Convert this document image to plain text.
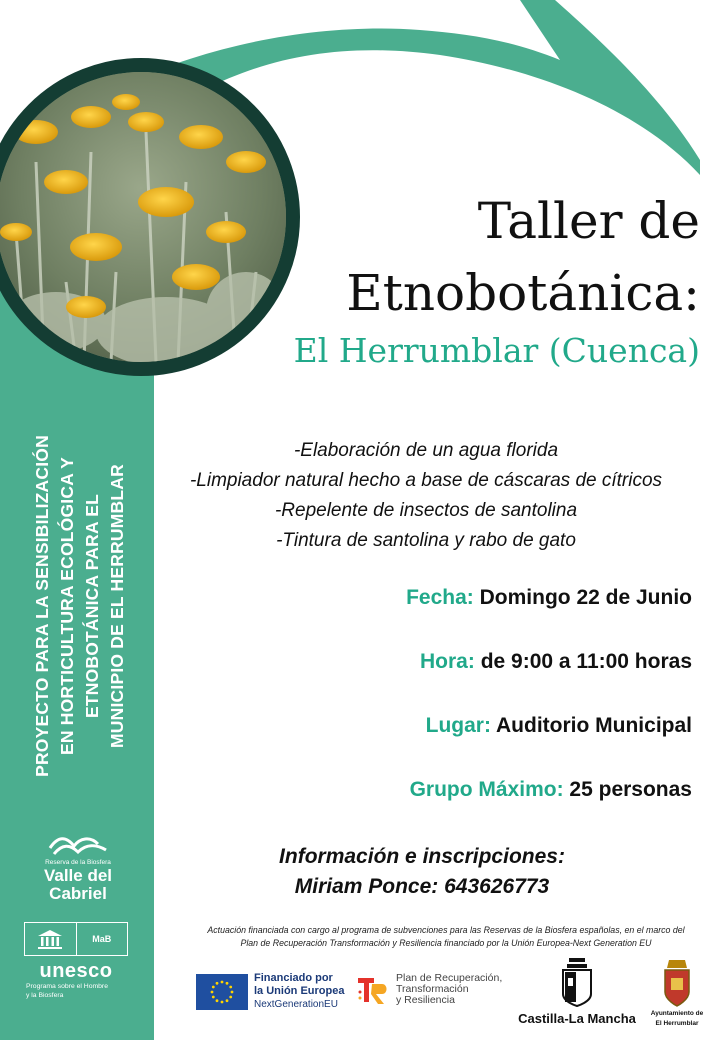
Taller de
Etnobotánica:
El Herrumblar (Cuenca)
-Elaboración de un agua florida
-Limpiador natural hecho a base de cáscaras de cítricos
-Repelente de insectos de santolina
-Tintura de santolina y rabo de gato
Fecha: Domingo 22 de Junio
Hora: de 9:00 a 11:00 horas
Lugar: Auditorio Municipal
Grupo Máximo: 25 personas
Información e inscripciones:
Miriam Ponce: 643626773
Actuación financiada con cargo al programa de subvenciones para las Reservas de la Biosfera españolas, en el marco del
Plan de Recuperación Transformación y Resiliencia financiado por la Unión Europea-Next Generation EU
PROYECTO PARA LA SENSIBILIZACIÓN EN HORTICULTURA ECOLÓGICA Y ETNOBOTÁNICA PARA EL MUNICIPIO DE EL HERRUMBLAR
Reserva de la Biosfera
Valle del
Cabriel
MaB
unesco
Programa sobre el Hombre
y la Biosfera
Financiado por
la Unión Europea
NextGenerationEU
Plan de Recuperación,
Transformación
y Resiliencia
Castilla-La Mancha	Ayuntamiento de
El Herrumblar
